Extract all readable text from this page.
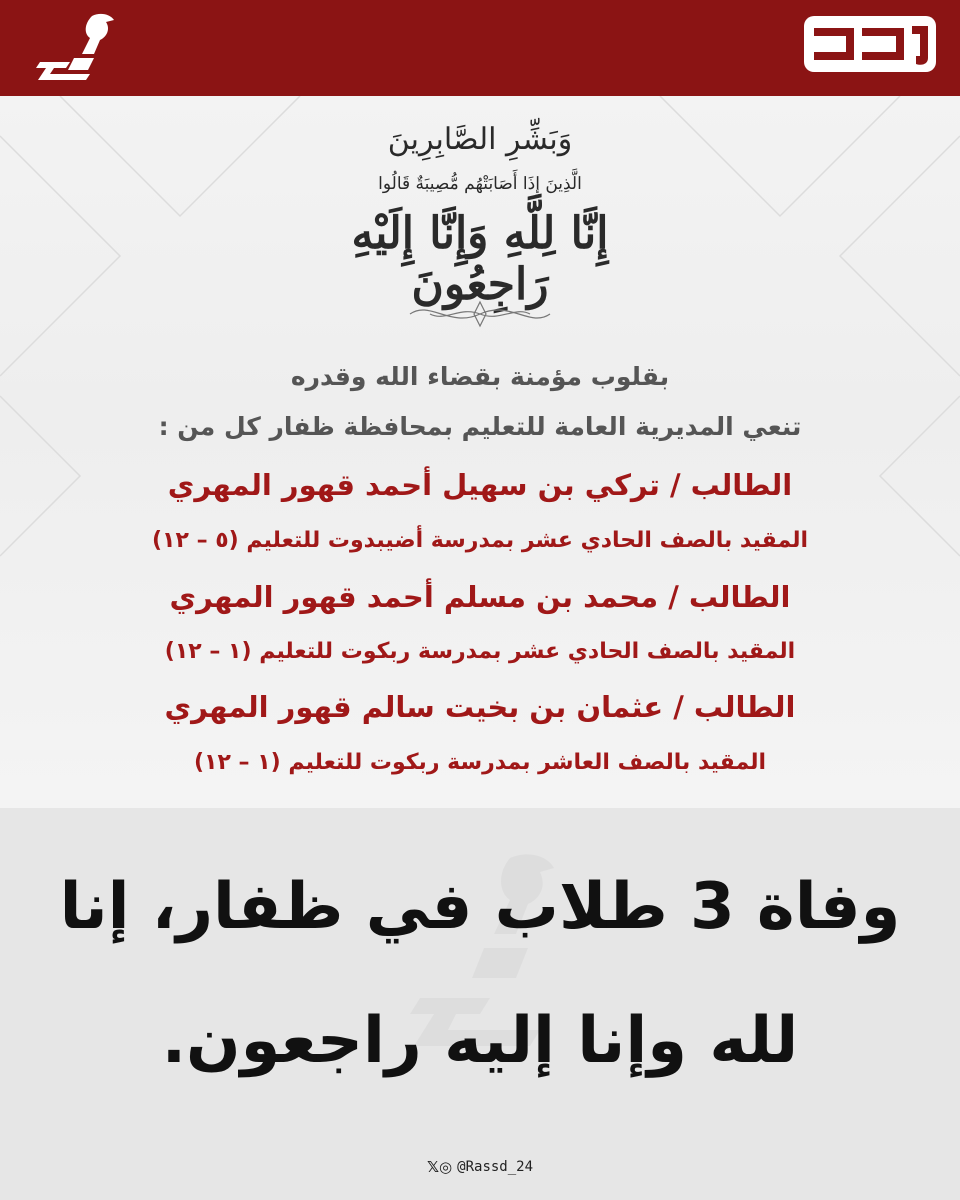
وَبَشِّرِ الصَّابِرِينَ
الَّذِينَ إِذَا أَصَابَتْهُم مُّصِيبَةٌ قَالُوا
إِنَّا لِلَّهِ وَإِنَّا إِلَيْهِ رَاجِعُونَ
بقلوب مؤمنة بقضاء الله وقدره
تنعي المديرية العامة للتعليم بمحافظة ظفار كل من :
الطالب / تركي بن سهيل أحمد قهور المهري
المقيد بالصف الحادي عشر بمدرسة أضيبدوت للتعليم (٥ – ١٢)
الطالب / محمد بن مسلم أحمد قهور المهري
المقيد بالصف الحادي عشر بمدرسة ربكوت للتعليم (١ – ١٢)
الطالب / عثمان بن بخيت سالم قهور المهري
المقيد بالصف العاشر بمدرسة ربكوت للتعليم (١ – ١٢)
وفاة 3 طلاب في ظفار، إنا
لله وإنا إليه راجعون.
𝕏◎ @Rassd_24
